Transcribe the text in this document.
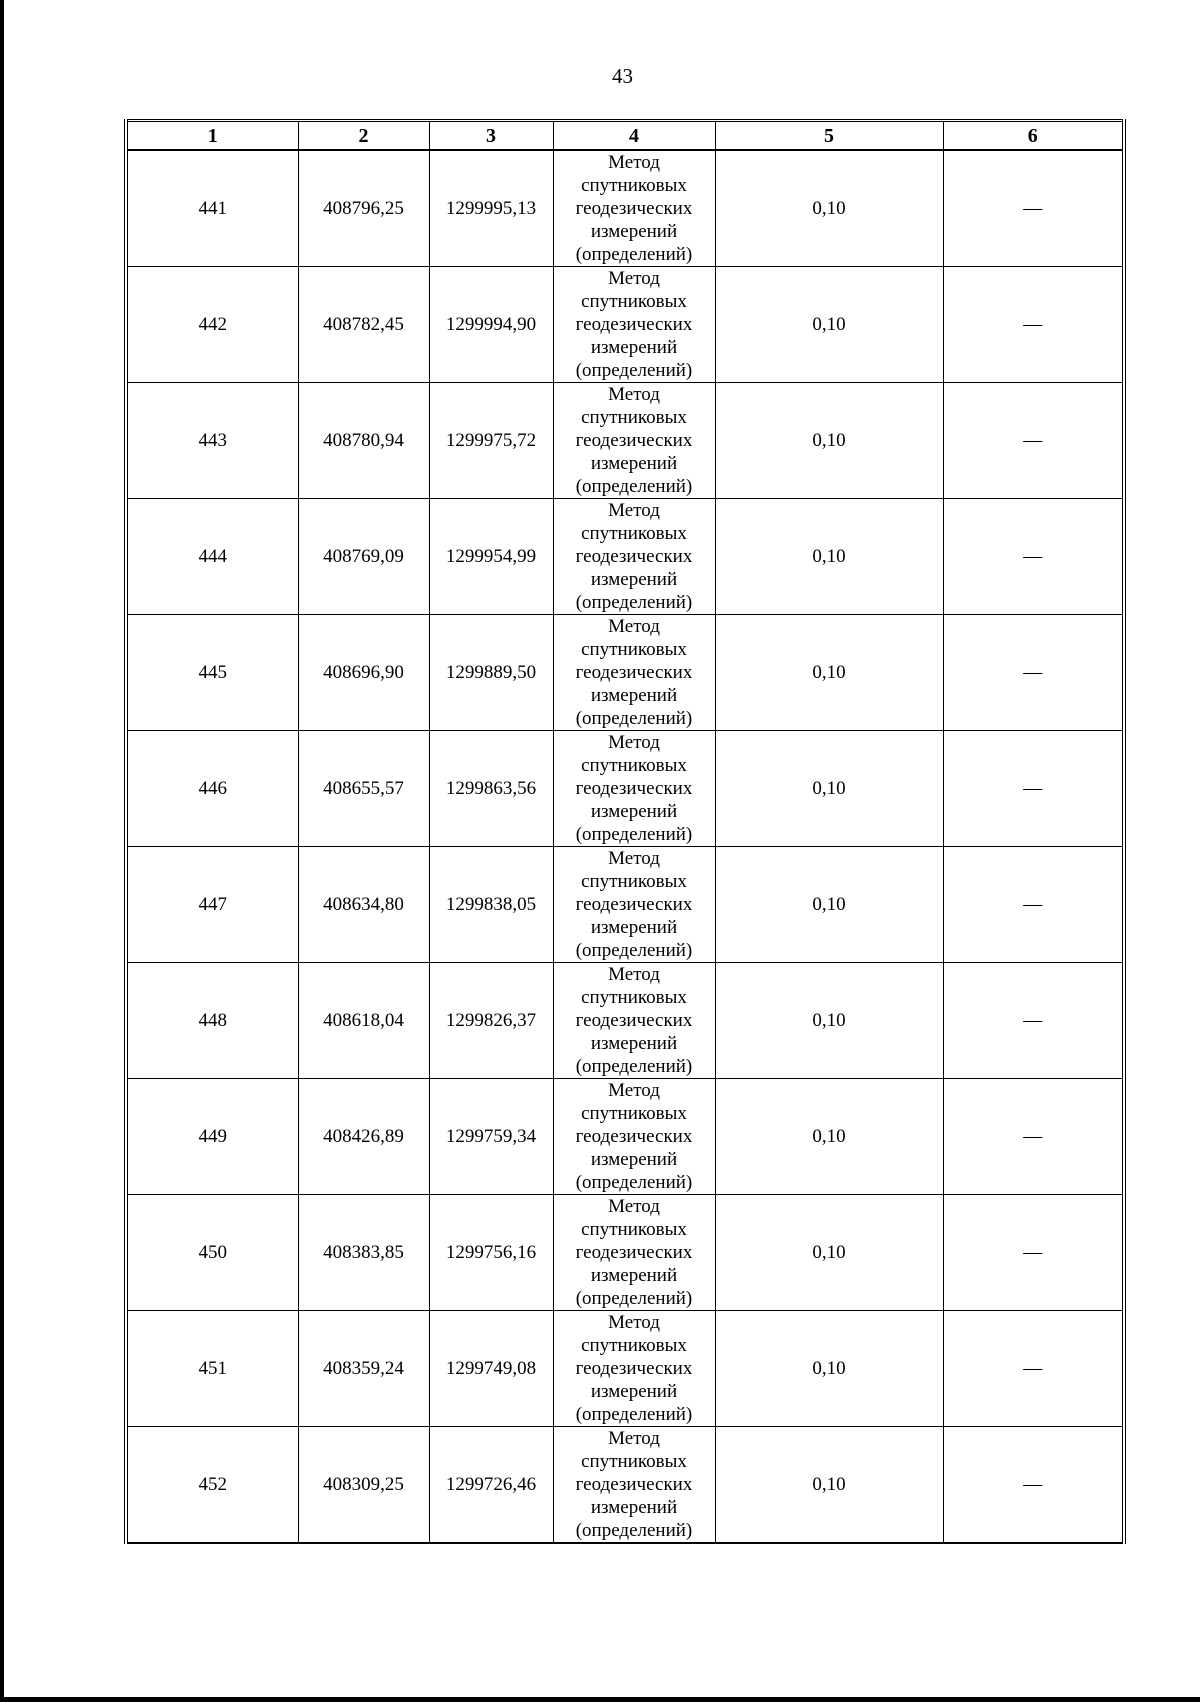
43
1	2	3	4	5	6
441	408796,25	1299995,13	Метод
спутниковых
геодезических
измерений
(определений)	0,10	—
442	408782,45	1299994,90	Метод
спутниковых
геодезических
измерений
(определений)	0,10	—
443	408780,94	1299975,72	Метод
спутниковых
геодезических
измерений
(определений)	0,10	—
444	408769,09	1299954,99	Метод
спутниковых
геодезических
измерений
(определений)	0,10	—
445	408696,90	1299889,50	Метод
спутниковых
геодезических
измерений
(определений)	0,10	—
446	408655,57	1299863,56	Метод
спутниковых
геодезических
измерений
(определений)	0,10	—
447	408634,80	1299838,05	Метод
спутниковых
геодезических
измерений
(определений)	0,10	—
448	408618,04	1299826,37	Метод
спутниковых
геодезических
измерений
(определений)	0,10	—
449	408426,89	1299759,34	Метод
спутниковых
геодезических
измерений
(определений)	0,10	—
450	408383,85	1299756,16	Метод
спутниковых
геодезических
измерений
(определений)	0,10	—
451	408359,24	1299749,08	Метод
спутниковых
геодезических
измерений
(определений)	0,10	—
452	408309,25	1299726,46	Метод
спутниковых
геодезических
измерений
(определений)	0,10	—
